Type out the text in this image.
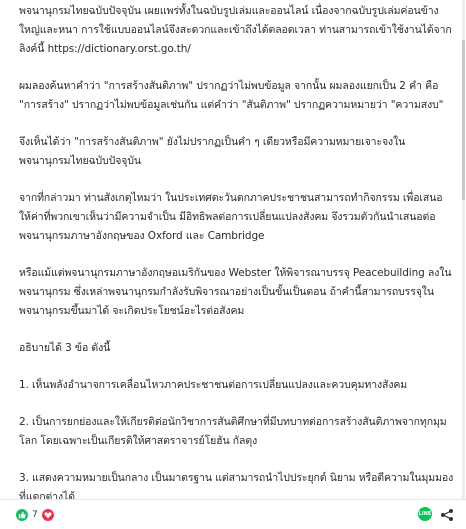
พจนานุกรมไทยฉบับปัจจุบัน เผยแพร่ทั้งในฉบับรูปเล่มและออนไลน์ เนื่องจากฉบับรูปเล่มค่อนข้าง
ใหญ่และหนา การใช้แบบออนไลน์จึงสะดวกและเข้าถึงได้ตลอดเวลา ท่านสามารถเข้าใช้งานได้จาก
ลิงค์นี้ https://dictionary.orst.go.th/

ผมลองค้นหาคำว่า "การสร้างสันติภาพ" ปรากฏว่าไม่พบข้อมูล จากนั้น ผมลองแยกเป็น 2 คำ คือ
"การสร้าง" ปรากฏว่าไม่พบข้อมูลเช่นกัน แต่คำว่า "สันติภาพ" ปรากฏความหมายว่า "ความสงบ"

จึงเห็นได้ว่า "การสร้างสันติภาพ" ยังไม่ปรากฏเป็นคำ ๆ เดียวหรือมีความหมายเจาะจงใน
พจนานุกรมไทยฉบับปัจจุบัน

จากที่กล่าวมา ท่านสังเกตุไหมว่า ในประเทศตะวันตกภาคประชาชนสามารถทำกิจกรรม เพื่อเสนอ
ให้ค่าที่พวกเขาเห็นว่ามีความจำเป็น มีอิทธิพลต่อการเปลี่ยนแปลงสังคม จึงรวมตัวกันนำเสนอต่อ
พจนานุกรมภาษาอังกฤษของ Oxford และ Cambridge

หรือแม้แต่พจนานุกรมภาษาอังกฤษอเมริกันของ Webster ให้พิจารณาบรรจุ Peacebuilding ลงใน
พจนานุกรม ซึ่งเหล่าพจนานุกรมกำลังรับพิจารณาอย่างเป็นขั้นเป็นตอน ถ้าคำนี้สามารถบรรจุใน
พจนานุกรมขึ้นมาได้ จะเกิดประโยชน์อะไรต่อสังคม

อธิบายได้ 3 ข้อ ดังนี้

1. เห็นพลังอำนาจการเคลื่อนไหวภาคประชาชนต่อการเปลี่ยนแปลงและควบคุมทางสังคม

2. เป็นการยกย่องและให้เกียรติต่อนักวิชาการสันติศึกษาที่มีบทบาทต่อการสร้างสันติภาพจากทุกมุม
โลก โดยเฉพาะเป็นเกียรติให้ศาสตราจารย์โยฮัน กัลตุง

3. แสดงความหมายเป็นกลาง เป็นมาตรฐาน แต่สามารถนำไปประยุกต์ นิยาม หรือตีความในมุมมอง
ที่แตกต่างได้

7	LINE
